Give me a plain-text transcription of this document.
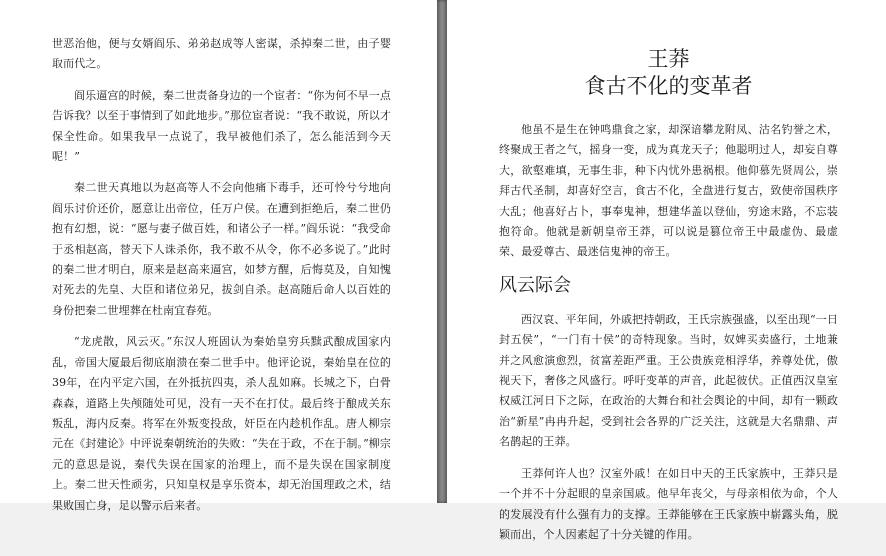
世恶治他，便与女婿阎乐、弟弟赵成等人密谋，杀掉秦二世，由子婴取而代之。

阎乐逼宫的时候，秦二世责备身边的一个宦者：“你为何不早一点告诉我？以至于事情到了如此地步。”那位宦者说：“我不敢说，所以才保全性命。如果我早一点说了，我早被他们杀了，怎么能活到今天呢！”

秦二世天真地以为赵高等人不会向他痛下毒手，还可怜兮兮地向阎乐讨价还价，愿意让出帝位，任万户侯。在遭到拒绝后，秦二世仍抱有幻想，说：“愿与妻子做百姓，和诸公子一样。”阎乐说：“我受命于丞相赵高，替天下人诛杀你，我不敢不从令，你不必多说了。”此时的秦二世才明白，原来是赵高来逼宫，如梦方醒，后悔莫及，自知愧对死去的先皇、大臣和诸位弟兄，拔剑自杀。赵高随后命人以百姓的身份把秦二世埋葬在杜南宜春苑。

“龙虎散，风云灭。”东汉人班固认为秦始皇穷兵黩武酿成国家内乱，帝国大厦最后彻底崩溃在秦二世手中。他评论说，秦始皇在位的39年，在内平定六国，在外抵抗四夷，杀人乱如麻。长城之下，白骨森森，道路上失颅随处可见，没有一天不在打仗。最后终于酿成关东叛乱，海内反秦。将军在外叛变投敌，奸臣在内趁机作乱。唐人柳宗元在《封建论》中评说秦朝统治的失败：“失在于政，不在于制。”柳宗元的意思是说，秦代失误在国家的治理上，而不是失误在国家制度上。秦二世天性顽劣，只知皇权是享乐资本，却无治国理政之术，结果败国亡身，足以警示后来者。

王莽
食古不化的变革者

他虽不是生在钟鸣鼎食之家，却深谙攀龙附凤、沽名钓誉之术，终聚成王者之气，摇身一变，成为真龙天子；他聪明过人，却妄自尊大，欲壑难填，无事生非，种下内忧外患祸根。他仰慕先贤周公，崇拜古代圣制，却喜好空言，食古不化，全盘进行复古，致使帝国秩序大乱；他喜好占卜，事奉鬼神，想建华盖以登仙，穷途末路，不忘装抱符命。他就是新朝皇帝王莽，可以说是篡位帝王中最虚伪、最虚荣、最爱尊古、最迷信鬼神的帝王。

风云际会

西汉哀、平年间，外戚把持朝政，王氏宗族强盛，以至出现“一日封五侯”，“一门有十侯”的奇特现象。当时，奴婢买卖盛行，土地兼并之风愈演愈烈，贫富差距严重。王公贵族竞相浮华，养尊处优，傲视天下，奢侈之风盛行。呼吁变革的声音，此起彼伏。正值西汉皇室权威江河日下之际，在政治的大舞台和社会舆论的中间，却有一颗政治“新星”冉冉升起，受到社会各界的广泛关注，这就是大名鼎鼎、声名鹊起的王莽。

王莽何许人也？汉室外戚！在如日中天的王氏家族中，王莽只是一个并不十分起眼的皇亲国戚。他早年丧父，与母亲相依为命，个人的发展没有什么强有力的支撑。王莽能够在王氏家族中崭露头角，脱颖而出，个人因素起了十分关键的作用。
